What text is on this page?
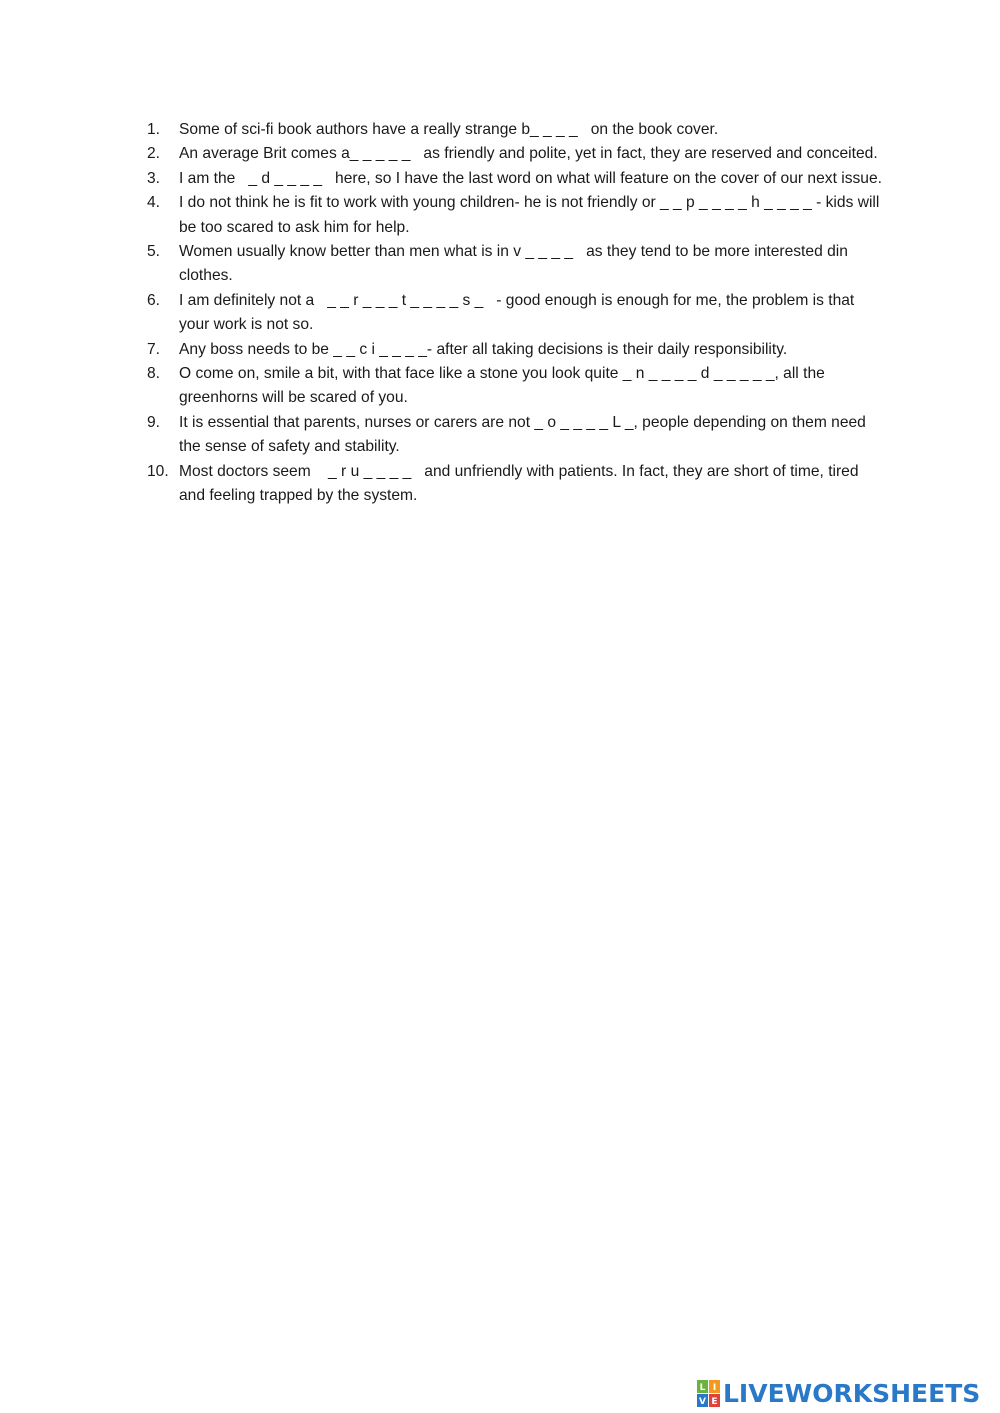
1.	Some of sci-fi book authors have a really strange b_ _ _ _   on the book cover.
2.	An average Brit comes a_ _ _ _ _   as friendly and polite, yet in fact, they are reserved and conceited.
3.	I am the   _ d _ _ _ _   here, so I have the last word on what will feature on the cover of our next issue.
4.	I do not think he is fit to work with young children- he is not friendly or _ _ p _ _ _ _ h _ _ _ _ - kids will be too scared to ask him for help.
5.	Women usually know better than men what is in v _ _ _ _   as they tend to be more interested din clothes.
6.	I am definitely not a   _ _ r _ _ _ t _ _ _ _ s _   - good enough is enough for me, the problem is that your work is not so.
7.	Any boss needs to be _ _ c i _ _ _ _- after all taking decisions is their daily responsibility.
8.	O come on, smile a bit, with that face like a stone you look quite _ n _ _ _ _ d _ _ _ _ _, all the greenhorns will be scared of you.
9.	It is essential that parents, nurses or carers are not _ o _ _ _ _ L _, people depending on them need the sense of safety and stability.
10. Most doctors seem    _ r u _ _ _ _   and unfriendly with patients. In fact, they are short of time, tired and feeling trapped by the system.
L I
V E LIVEWORKSHEETS
